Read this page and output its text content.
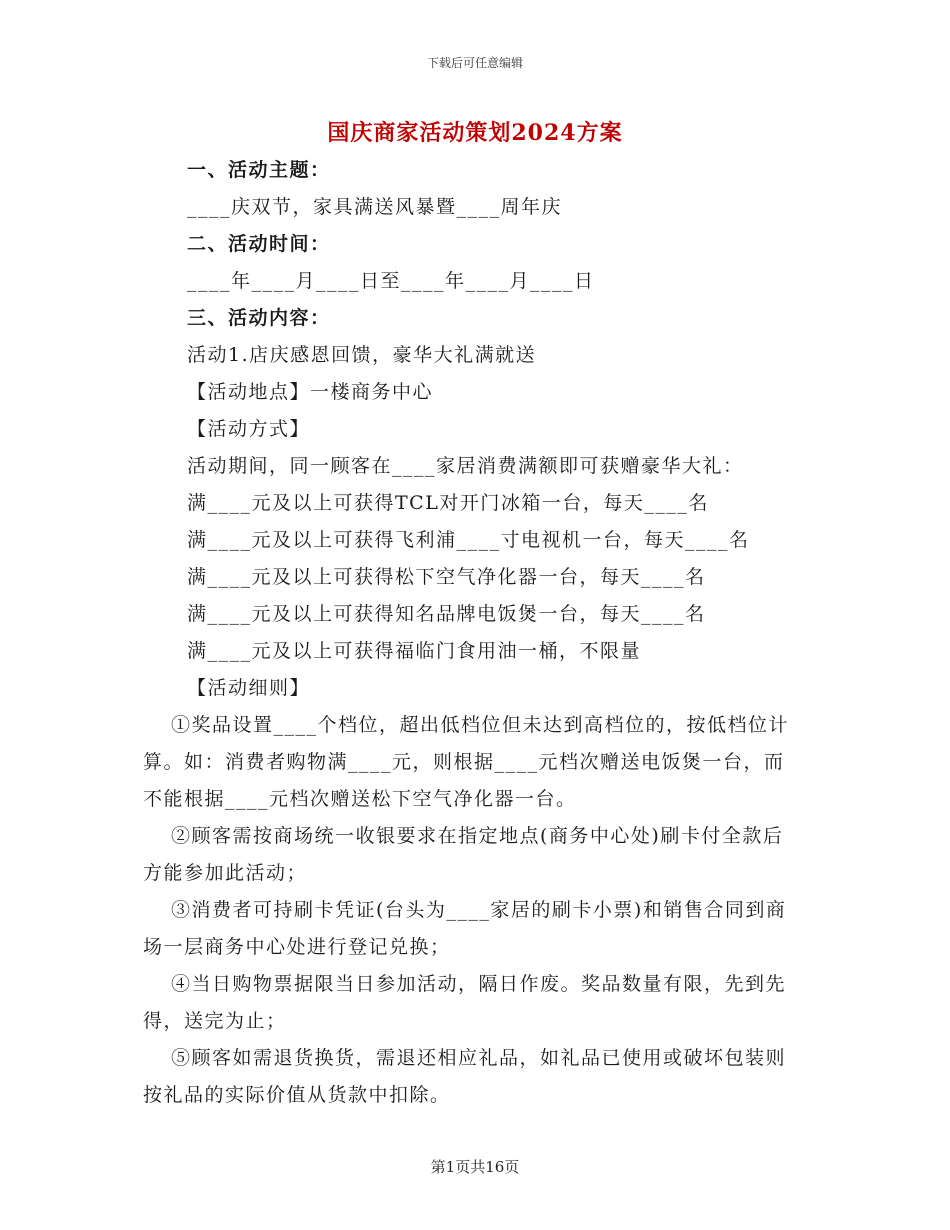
下载后可任意编辑
国庆商家活动策划2024方案

一、活动主题：

____庆双节，家具满送风暴暨____周年庆

二、活动时间：

____年____月____日至____年____月____日

三、活动内容：

活动1.店庆感恩回馈，豪华大礼满就送

【活动地点】一楼商务中心

【活动方式】

活动期间，同一顾客在____家居消费满额即可获赠豪华大礼：

满____元及以上可获得TCL对开门冰箱一台，每天____名

满____元及以上可获得飞利浦____寸电视机一台，每天____名

满____元及以上可获得松下空气净化器一台，每天____名

满____元及以上可获得知名品牌电饭煲一台，每天____名

满____元及以上可获得福临门食用油一桶，不限量

【活动细则】

①奖品设置____个档位，超出低档位但未达到高档位的，按低档位计算。如：消费者购物满____元，则根据____元档次赠送电饭煲一台，而不能根据____元档次赠送松下空气净化器一台。

②顾客需按商场统一收银要求在指定地点(商务中心处)刷卡付全款后方能参加此活动；

③消费者可持刷卡凭证(台头为____家居的刷卡小票)和销售合同到商场一层商务中心处进行登记兑换；

④当日购物票据限当日参加活动，隔日作废。奖品数量有限，先到先得，送完为止；

⑤顾客如需退货换货，需退还相应礼品，如礼品已使用或破坏包装则按礼品的实际价值从货款中扣除。

第1页共16页
